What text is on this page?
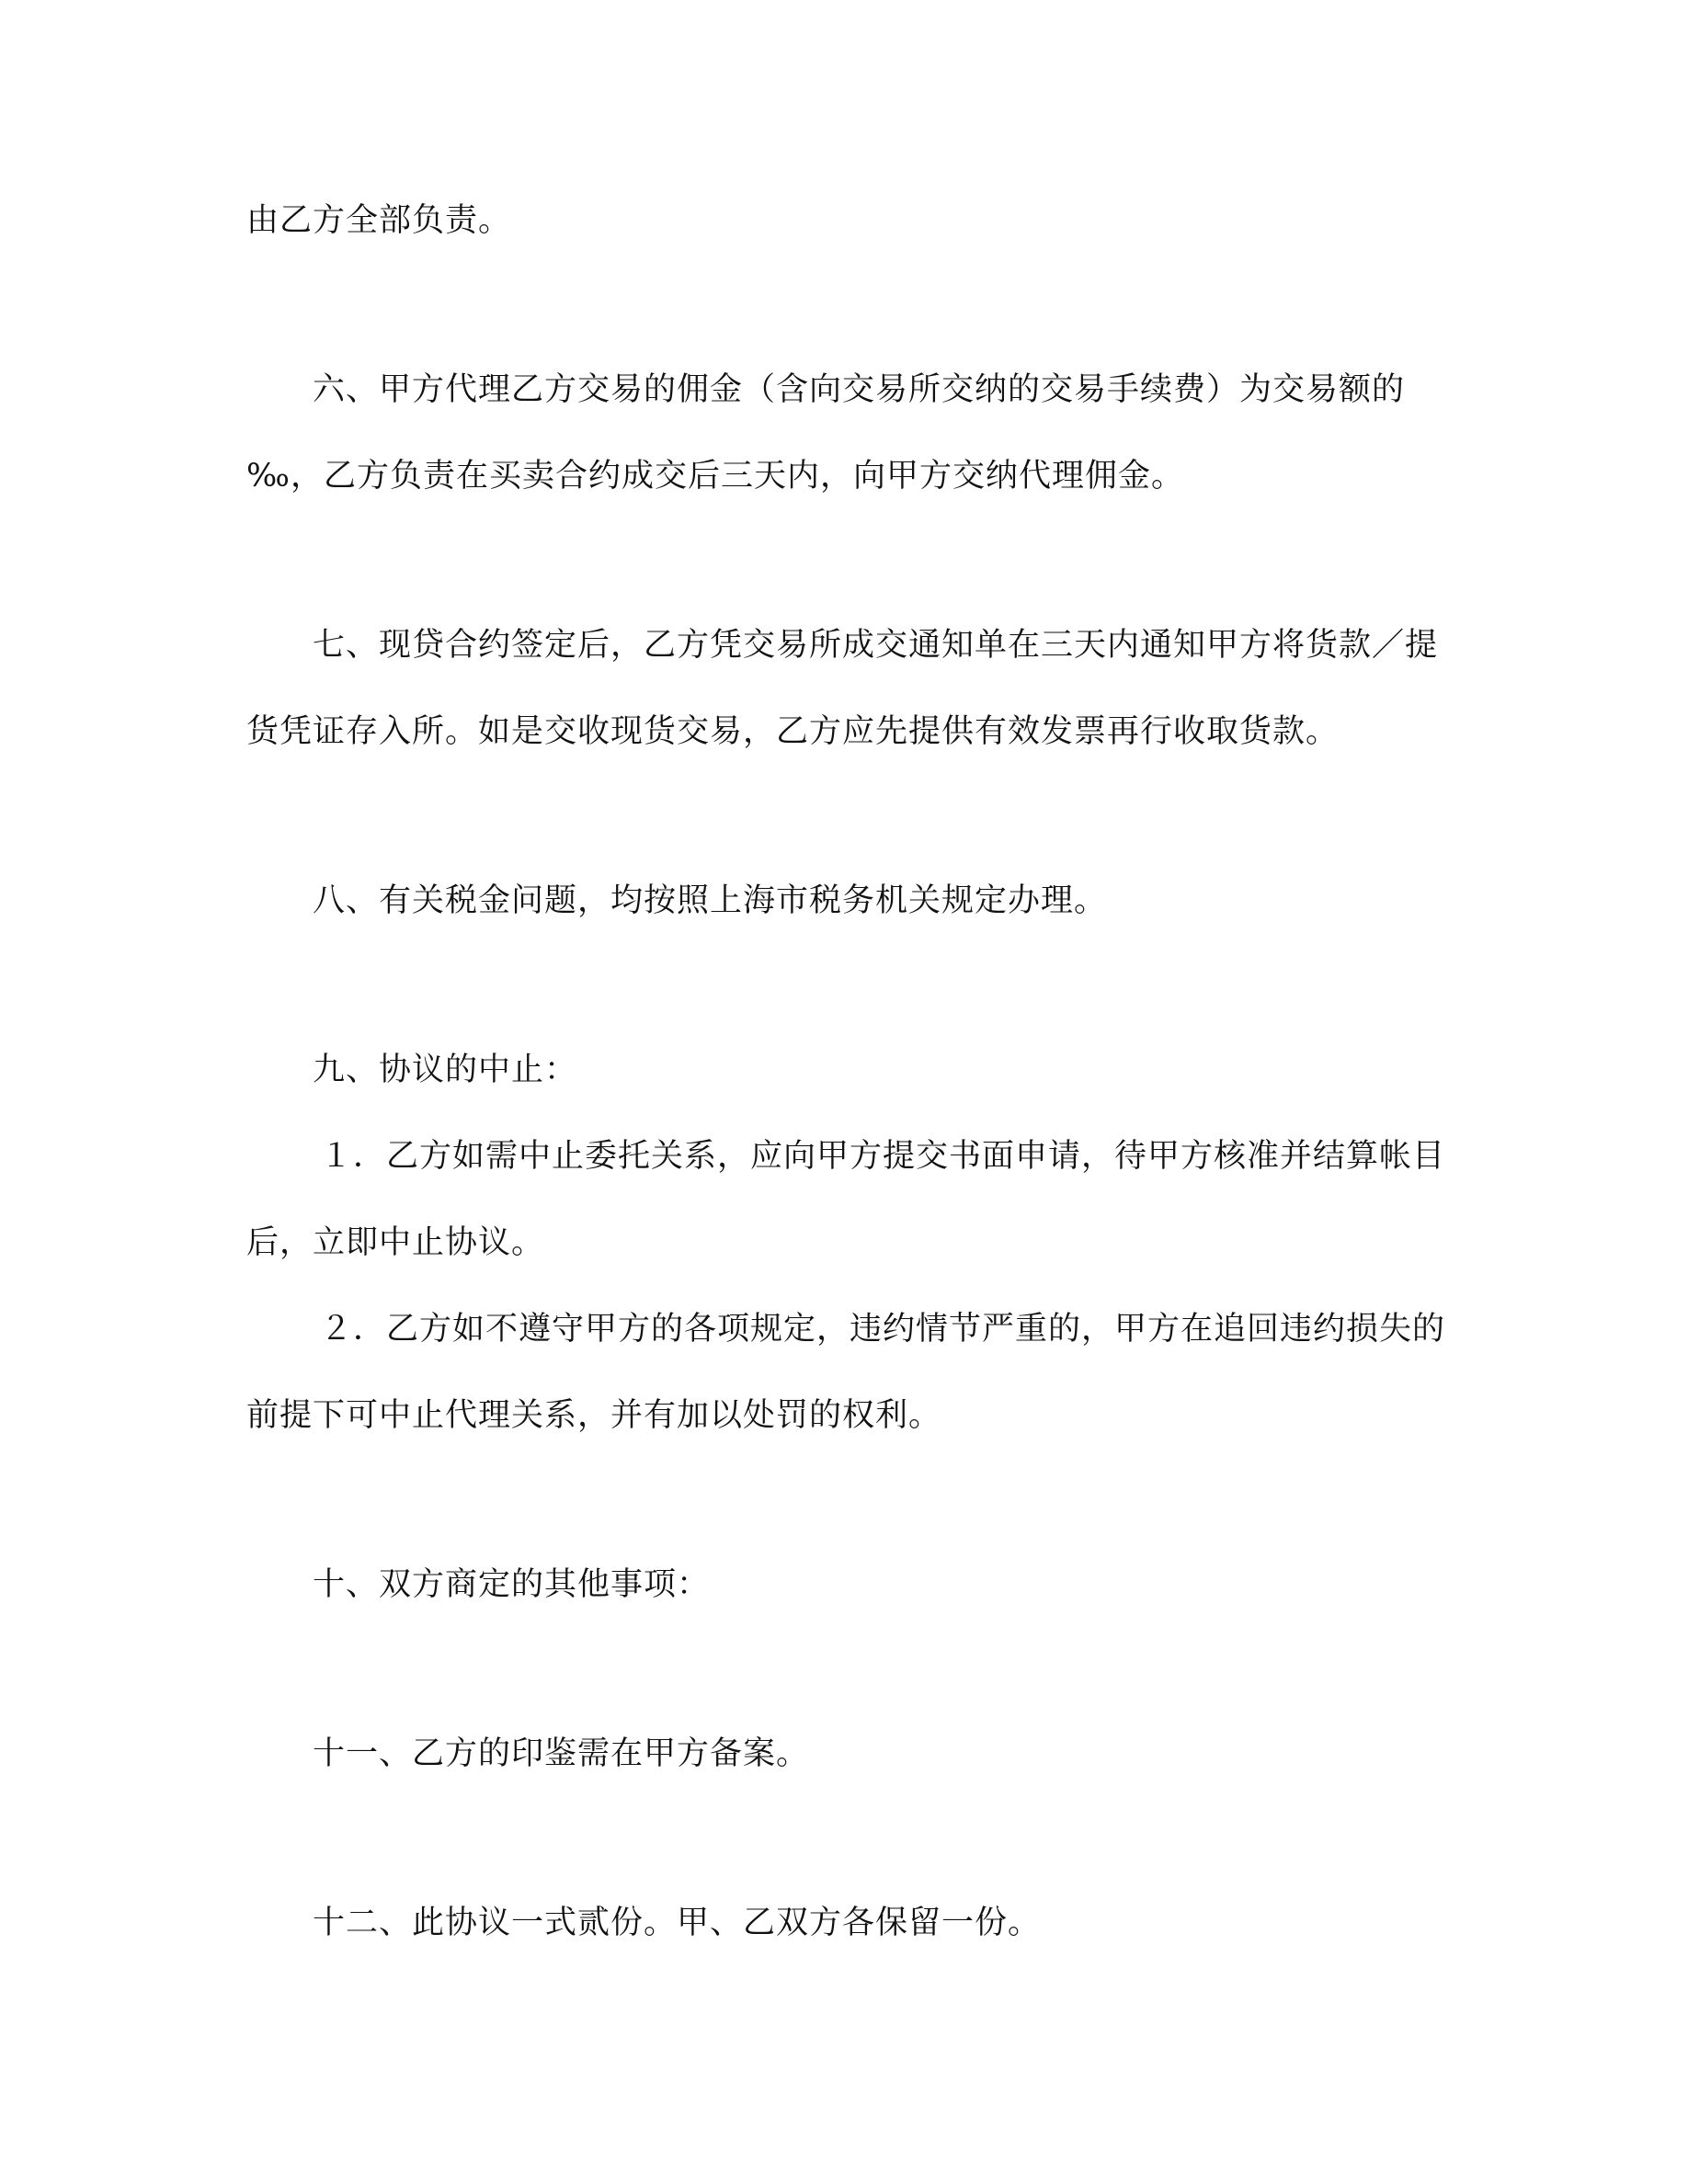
由乙方全部负责。
六、甲方代理乙方交易的佣金（含向交易所交纳的交易手续费）为交易额的
‰，乙方负责在买卖合约成交后三天内，向甲方交纳代理佣金。
七、现贷合约签定后，乙方凭交易所成交通知单在三天内通知甲方将货款／提
货凭证存入所。如是交收现货交易，乙方应先提供有效发票再行收取货款。
八、有关税金问题，均按照上海市税务机关规定办理。
九、协议的中止：
１．乙方如需中止委托关系，应向甲方提交书面申请，待甲方核准并结算帐目
后，立即中止协议。
２．乙方如不遵守甲方的各项规定，违约情节严重的，甲方在追回违约损失的
前提下可中止代理关系，并有加以处罚的权利。
十、双方商定的其他事项：
十一、乙方的印鉴需在甲方备案。
十二、此协议一式贰份。甲、乙双方各保留一份。
